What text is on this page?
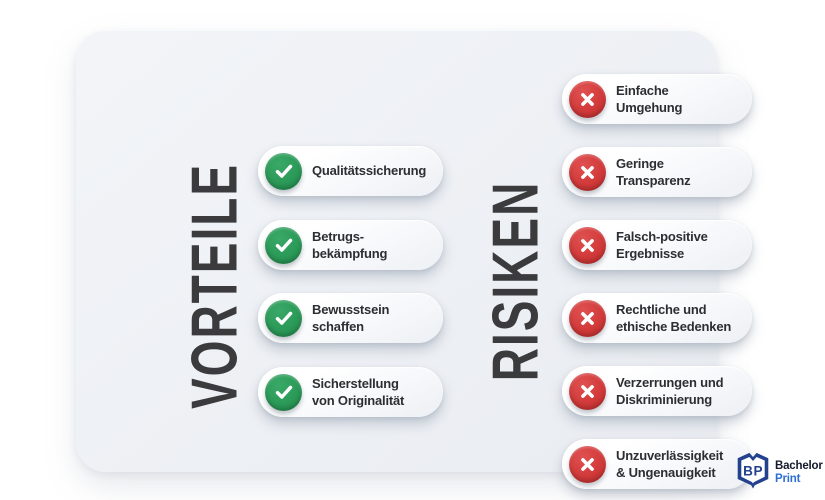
VORTEILE	RISIKEN
Qualitätssicherung
Betrugs-
bekämpfung
Bewusstsein
schaffen
Sicherstellung
von Originalität
Einfache
Umgehung
Geringe
Transparenz
Falsch-positive
Ergebnisse
Rechtliche und
ethische Bedenken
Verzerrungen und
Diskriminierung
Unzuverlässigkeit
& Ungenauigkeit	B P Bachelor
Print
